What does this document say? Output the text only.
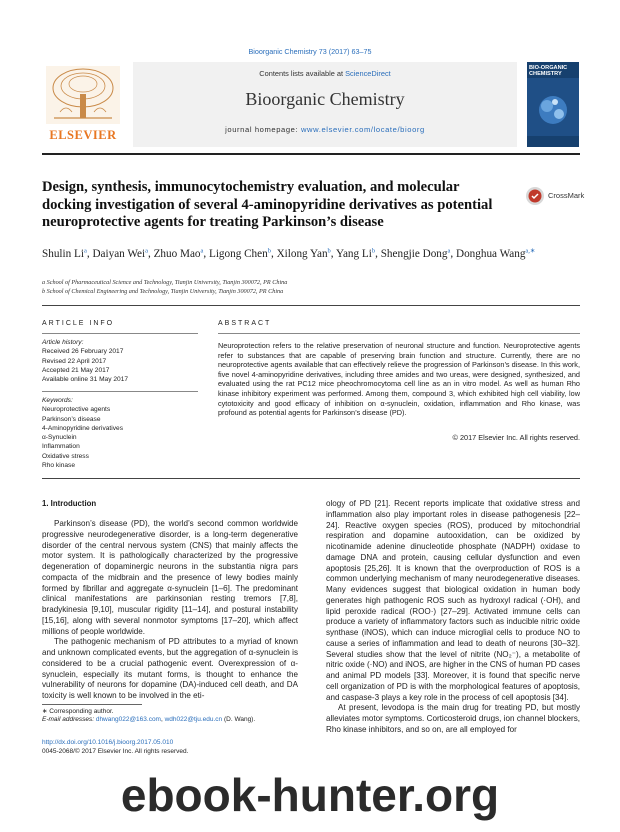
Bioorganic Chemistry 73 (2017) 63–75
ELSEVIER
Contents lists available at ScienceDirect
Bioorganic Chemistry
journal homepage: www.elsevier.com/locate/bioorg
BIO-ORGANIC CHEMISTRY
Design, synthesis, immunocytochemistry evaluation, and molecular docking investigation of several 4-aminopyridine derivatives as potential neuroprotective agents for treating Parkinson’s disease
CrossMark
Shulin Li$^a$, Daiyan Wei$^a$, Zhuo Mao$^a$, Ligong Chen$^b$, Xilong Yan$^b$, Yang Li$^b$, Shengjie Dong$^a$, Donghua Wang$^{a,∗}$
a School of Pharmaceutical Science and Technology, Tianjin University, Tianjin 300072, PR China
b School of Chemical Engineering and Technology, Tianjin University, Tianjin 300072, PR China
ARTICLE INFO	ABSTRACT
Article history:
Received 26 February 2017
Revised 22 April 2017
Accepted 21 May 2017
Available online 31 May 2017
Keywords:
Neuroprotective agents
Parkinson’s disease
4-Aminopyridine derivatives
α-Synuclein
Inflammation
Oxidative stress
Rho kinase
Neuroprotection refers to the relative preservation of neuronal structure and function. Neuroprotective agents refer to substances that are capable of preserving brain function and structure. Currently, there are no neuroprotective agents available that can effectively relieve the progression of Parkinson’s disease. In this work, five novel 4-aminopyridine derivatives, including three amides and two ureas, were designed, synthesized, and evaluated using the rat PC12 mice pheochromocytoma cell line as an in vitro model. As well as human Rho kinase inhibitory experiment was performed. Among them, compound 3, which exhibited high cell viability, low cytotoxicity and good efficacy of inhibition on α-synuclein, oxidation, inflammation and Rho kinase, was profound as potential agents for Parkinson’s disease (PD).
© 2017 Elsevier Inc. All rights reserved.
1. Introduction

Parkinson’s disease (PD), the world’s second common worldwide progressive neurodegenerative disorder, is a long-term degenerative disorder of the central nervous system (CNS) that mainly affects the motor system. It is pathologically characterized by the progressive degeneration of dopaminergic neurons in the substantia nigra pars compacta of the midbrain and the presence of lewy bodies mainly formed by fibrillar and aggregate α-synuclein [1–6]. The predominant clinical manifestations are parkinsonian resting tremors [7,8], bradykinesia [9,10], muscular rigidity [11–14], and postural instability [15,16], along with several nonmotor symptoms [17–20], which affect millions of people worldwide.

The pathogenic mechanism of PD attributes to a myriad of known and unknown complicated events, but the aggregation of α-synuclein is considered to be a crucial pathogenic event. Overexpression of α-synuclein, especially its mutant forms, is thought to enhance the vulnerability of neurons for dopamine (DA)-induced cell death, and DA toxicity is well known to be involved in the eti-

ology of PD [21]. Recent reports implicate that oxidative stress and inflammation also play important roles in disease pathogenesis [22–24]. Reactive oxygen species (ROS), produced by mitochondrial respiration and dopamine autooxidation, can be oxidized by nicotinamide adenine dinucleotide phosphate (NADPH) oxidase to damage DNA and protein, causing cellular dysfunction and even apoptosis [25,26]. It is known that the overproduction of ROS is a common underlying mechanism of many neurodegenerative diseases. Many evidences suggest that biological oxidation in human body generates high pathogenic ROS such as hydroxyl radical (·OH), and lipid peroxide radical (ROO·) [27–29]. Activated immune cells can produce a variety of inflammatory factors such as inducible nitric oxide synthase (iNOS), which can induce microglial cells to produce NO to cause a series of inflammation and lead to death of neurons [30–32]. Several studies show that the level of nitrite (NO₂⁻), a metabolite of nitric oxide (·NO) and iNOS, are higher in the CNS of human PD cases and animal PD models [33]. Moreover, it is found that specific nerve cell organization of PD is with the morphological features of apoptosis, and caspase-3 plays a key role in the process of cell apoptosis [34].

At present, levodopa is the main drug for treating PD, but mostly alleviates motor symptoms. Corticosteroid drugs, ion channel blockers, Rho kinase inhibitors, and so on, are all employed for

∗ Corresponding author.
E-mail addresses: dhwang022@163.com, wdh022@tju.edu.cn (D. Wang).
http://dx.doi.org/10.1016/j.bioorg.2017.05.010
0045-2068/© 2017 Elsevier Inc. All rights reserved.
ebook-hunter.org
